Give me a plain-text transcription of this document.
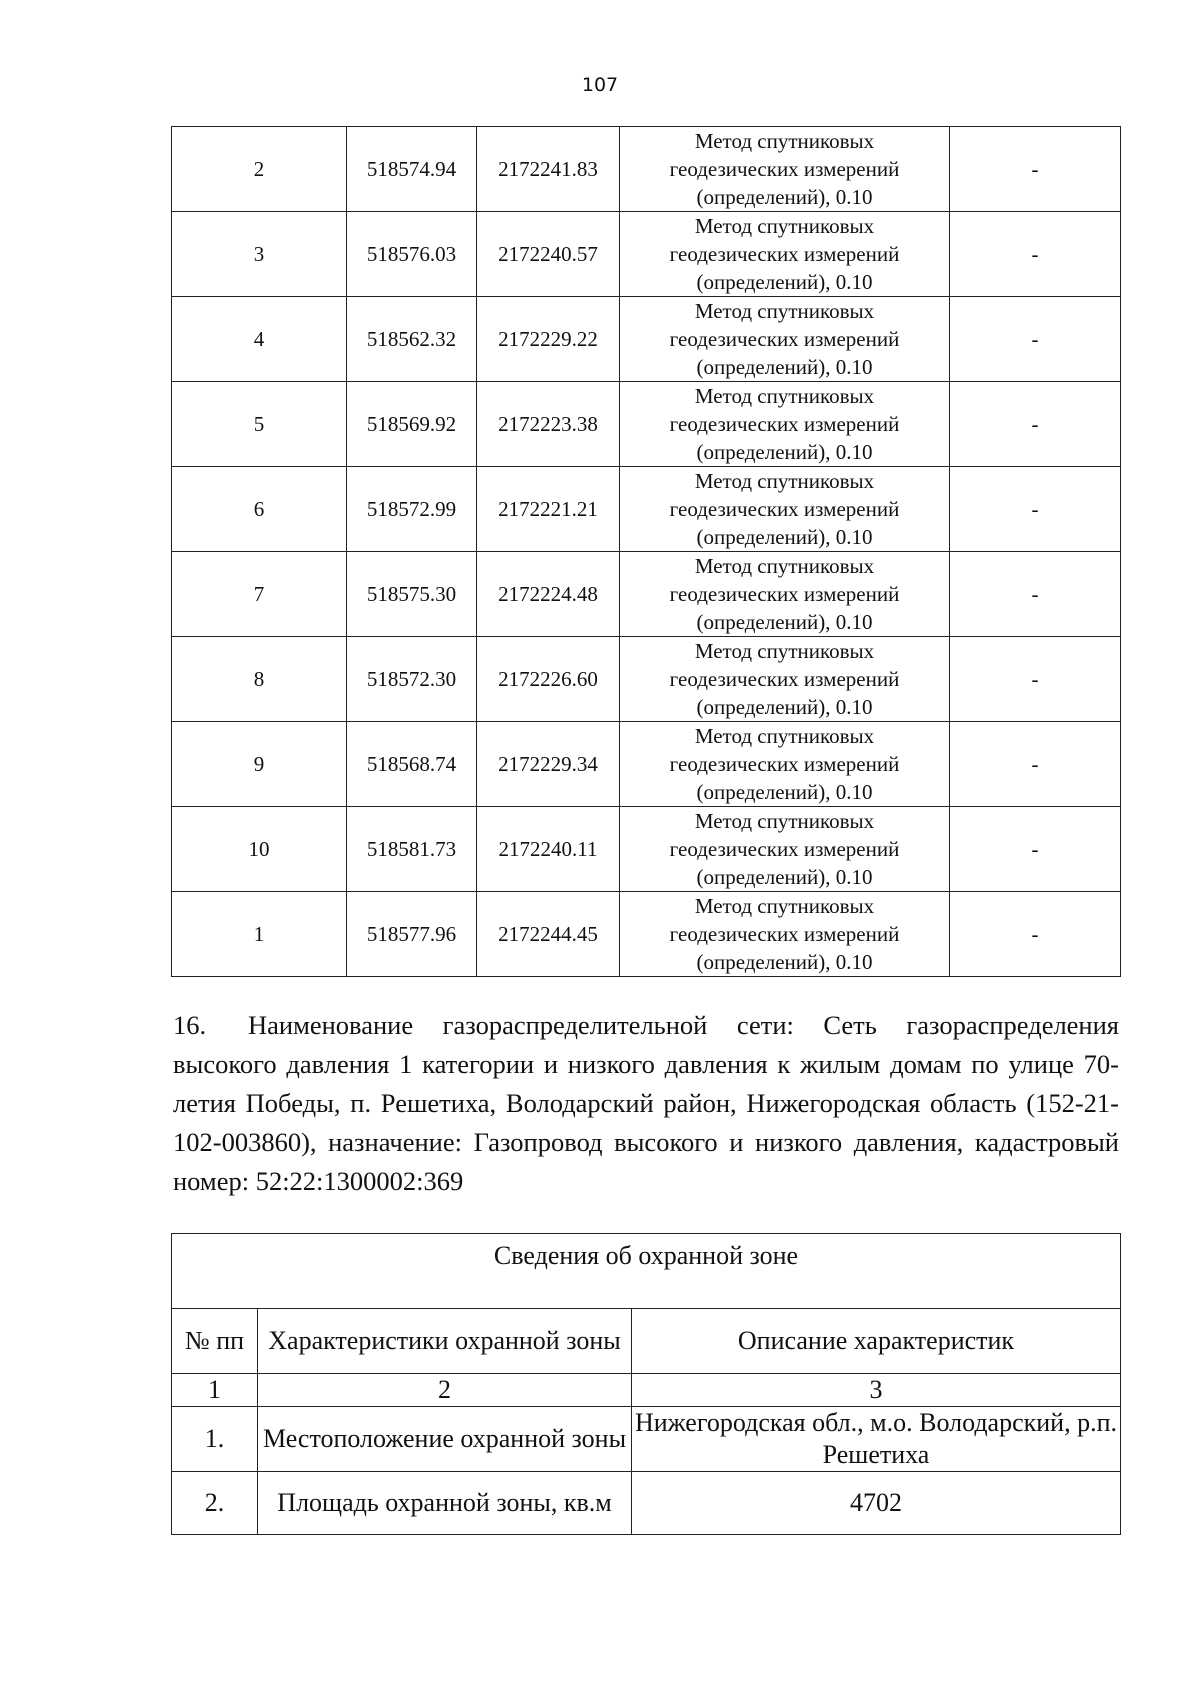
107
2	518574.94	2172241.83	Метод спутниковых
геодезических измерений
(определений), 0.10	-
3	518576.03	2172240.57	Метод спутниковых
геодезических измерений
(определений), 0.10	-
4	518562.32	2172229.22	Метод спутниковых
геодезических измерений
(определений), 0.10	-
5	518569.92	2172223.38	Метод спутниковых
геодезических измерений
(определений), 0.10	-
6	518572.99	2172221.21	Метод спутниковых
геодезических измерений
(определений), 0.10	-
7	518575.30	2172224.48	Метод спутниковых
геодезических измерений
(определений), 0.10	-
8	518572.30	2172226.60	Метод спутниковых
геодезических измерений
(определений), 0.10	-
9	518568.74	2172229.34	Метод спутниковых
геодезических измерений
(определений), 0.10	-
10	518581.73	2172240.11	Метод спутниковых
геодезических измерений
(определений), 0.10	-
1	518577.96	2172244.45	Метод спутниковых
геодезических измерений
(определений), 0.10	-

16. Наименование газораспределительной сети: Сеть газораспределения высокого давления 1 категории и низкого давления к жилым домам по улице 70-летия Победы, п. Решетиха, Володарский район, Нижегородская область (152-21-102-003860), назначение: Газопровод высокого и низкого давления, кадастровый номер: 52:22:1300002:369

Сведения об охранной зоне		
№ пп	Характеристики охранной зоны	Описание характеристик
1	2	3
1.	Местоположение охранной зоны	Нижегородская обл., м.о. Володарский, р.п. Решетиха
2.	Площадь охранной зоны, кв.м	4702
